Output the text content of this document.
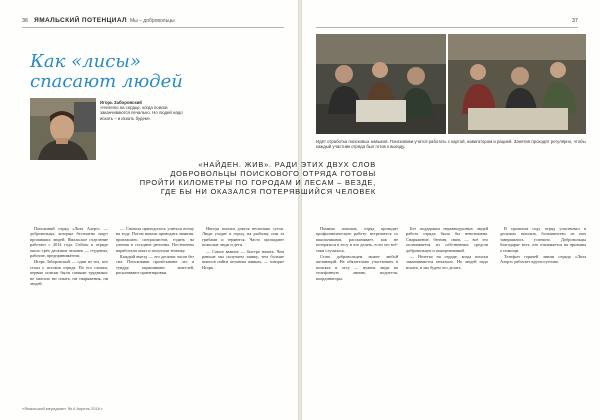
36 ЯМАЛЬСКИЙ ПОТЕНЦИАЛ Мы – добровольцы
Как «лисы»
спасают людей
Игорь Заборовский
«Нелегко на сердце, когда поиски заканчиваются печально. Но людей надо искать – и искать будем».

Поисковый отряд «Лиза Алерт» — добровольцы, которые бесплатно ищут пропавших людей. Ямальское отделение работает с 2014 года. Сейчас в отряде около трёх десятков человек — студенты, рабочие, предприниматели.

Игорь Заборовский — один из тех, кто стоял у истоков отряда. По его словам, первые поиски были самыми трудными: не хватало ни опыта, ни снаряжения, ни людей.

— Сначала приходилось учиться всему на ходу. Потом начали проводить занятия, приглашать специалистов, ездить на учения в соседние регионы. Постепенно наработали опыт и получили технику.

Каждый выезд — это десятки часов без сна. Поисковики прочёсывают лес и тундру, опрашивают жителей, расклеивают ориентировки.

Иногда поиски длятся несколько суток. Люди уходят в город, на рыбалку или за грибами и теряются. Часто пропадают пожилые люди и дети.

— Самое важное — быстро начать. Чем раньше мы получаем заявку, тем больше шансов найти человека живым, — говорит Игорь.

«Ямальский меридиан» № 4 Апрель 2016 г.
37
Идёт отработка поисковых навыков. Поисковики учатся работать с картой, навигатором и рацией. Занятия проходят регулярно, чтобы каждый участник отряда был готов к выезду.

Помимо поисков, отряд проводит профилактическую работу: встречается со школьниками, рассказывает, как не потеряться в лесу и что делать, если это всё-таки случилось.

Стать добровольцем может любой желающий. Не обязательно участвовать в поисках в лесу — нужны люди на телефонную линию, водители, координаторы.

Без поддержки неравнодушных людей работа отряда была бы невозможна. Снаряжение, бензин, связь — всё это оплачивается из собственных средств добровольцев и пожертвований.

— Нелегко на сердце, когда поиски заканчиваются печально. Но людей надо искать, и мы будем это делать.

В прошлом году отряд участвовал в десятках поисков, большинство из них завершились успешно. Добровольцы благодарят всех, кто откликается на призывы о помощи.

Телефон горячей линии отряда «Лиза Алерт» работает круглосуточно.

«НАЙДЕН. ЖИВ». РАДИ ЭТИХ ДВУХ СЛОВ
ДОБРОВОЛЬЦЫ ПОИСКОВОГО ОТРЯДА ГОТОВЫ
ПРОЙТИ КИЛОМЕТРЫ ПО ГОРОДАМ И ЛЕСАМ – ВЕЗДЕ,
ГДЕ БЫ НИ ОКАЗАЛСЯ ПОТЕРЯВШИЙСЯ ЧЕЛОВЕК
